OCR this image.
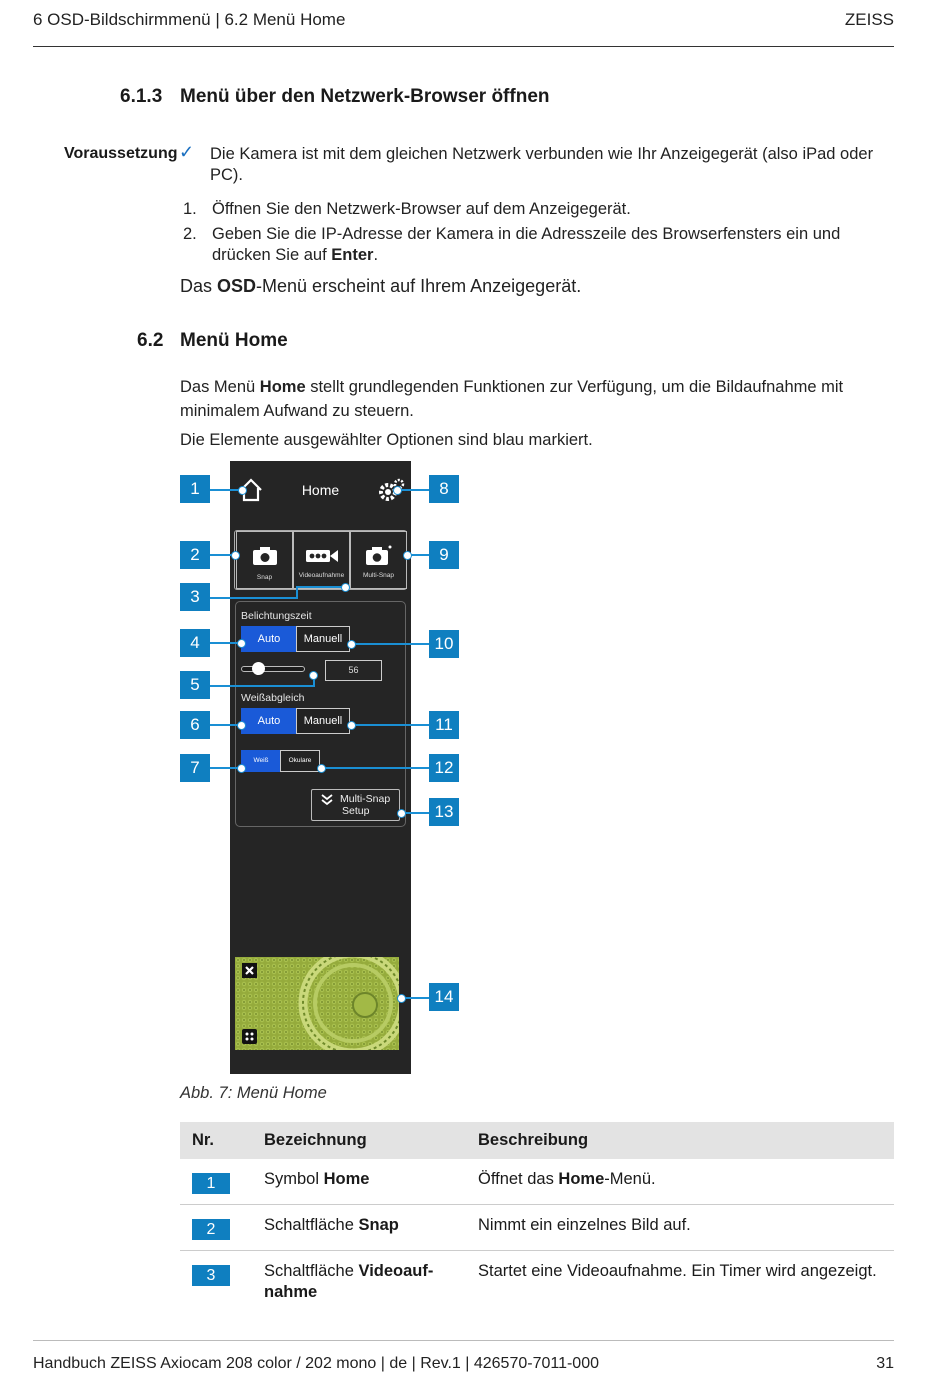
6 OSD-Bildschirmmenü | 6.2 Menü Home	ZEISS
6.1.3 Menü über den Netzwerk-Browser öffnen
Voraussetzung ✓ Die Kamera ist mit dem gleichen Netzwerk verbunden wie Ihr Anzeigegerät (also iPad oder PC).
1. Öffnen Sie den Netzwerk-Browser auf dem Anzeigegerät.
2. Geben Sie die IP-Adresse der Kamera in die Adresszeile des Browserfensters ein und drücken Sie auf Enter.
Das OSD-Menü erscheint auf Ihrem Anzeigegerät.
6.2 Menü Home
Das Menü Home stellt grundlegenden Funktionen zur Verfügung, um die Bildaufnahme mit minimalem Aufwand zu steuern.
Die Elemente ausgewählter Optionen sind blau markiert.
Home
Snap	Videoaufnahme	Multi-Snap
Belichtungszeit
Auto	Manuell
56
Weißabgleich
Auto	Manuell
Weiß	Okulare
Multi-Snap
Setup
1
2
3
4
5
6
7
8
9
10
11
12
13
14
Abb. 7: Menü Home
Nr.	Bezeichnung	Beschreibung
1	Symbol Home	Öffnet das Home-Menü.
2	Schaltfläche Snap	Nimmt ein einzelnes Bild auf.
3	Schaltfläche Videoauf-nahme	Startet eine Videoaufnahme. Ein Timer wird angezeigt.
Handbuch ZEISS Axiocam 208 color / 202 mono | de | Rev.1 | 426570-7011-000	31
